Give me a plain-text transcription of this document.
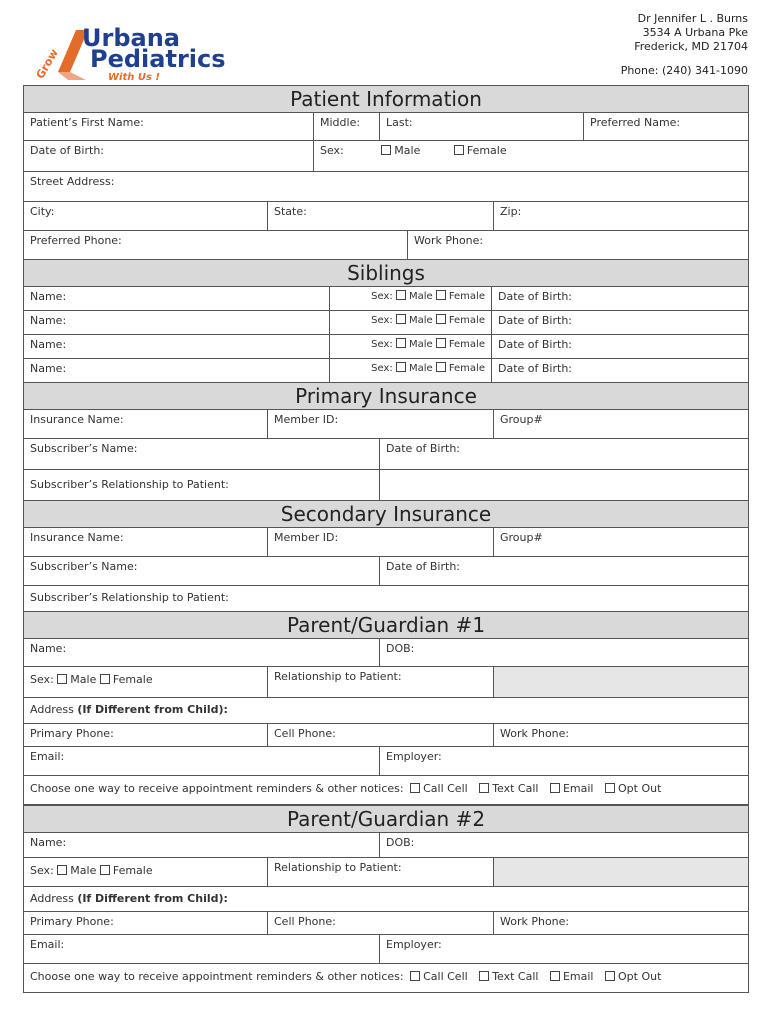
Grow
Urbana
Pediatrics
With Us !
Dr Jennifer L . Burns
3534 A Urbana Pke
Frederick, MD 21704
Phone: (240) 341-1090
Patient Information
Patient’s First Name:	Middle:	Last:	Preferred Name:
Date of Birth:	Sex:	Male	Female
Street Address:
City:	State:	Zip:
Preferred Phone:	Work Phone:
Siblings
Name:	Sex: Male Female	Date of Birth:
Name:	Sex: Male Female	Date of Birth:
Name:	Sex: Male Female	Date of Birth:
Name:	Sex: Male Female	Date of Birth:
Primary Insurance
Insurance Name:	Member ID:	Group#
Subscriber’s Name:	Date of Birth:
Subscriber’s Relationship to Patient:
Secondary Insurance
Insurance Name:	Member ID:	Group#
Subscriber’s Name:	Date of Birth:
Subscriber’s Relationship to Patient:
Parent/Guardian #1
Name:	DOB:
Sex: Male Female	Relationship to Patient:
Address (If Different from Child):
Primary Phone:	Cell Phone:	Work Phone:
Email:	Employer:
Choose one way to receive appointment reminders & other notices: Call Cell Text Call Email Opt Out
Parent/Guardian #2
Name:	DOB:
Sex: Male Female	Relationship to Patient:
Address (If Different from Child):
Primary Phone:	Cell Phone:	Work Phone:
Email:	Employer:
Choose one way to receive appointment reminders & other notices: Call Cell Text Call Email Opt Out
